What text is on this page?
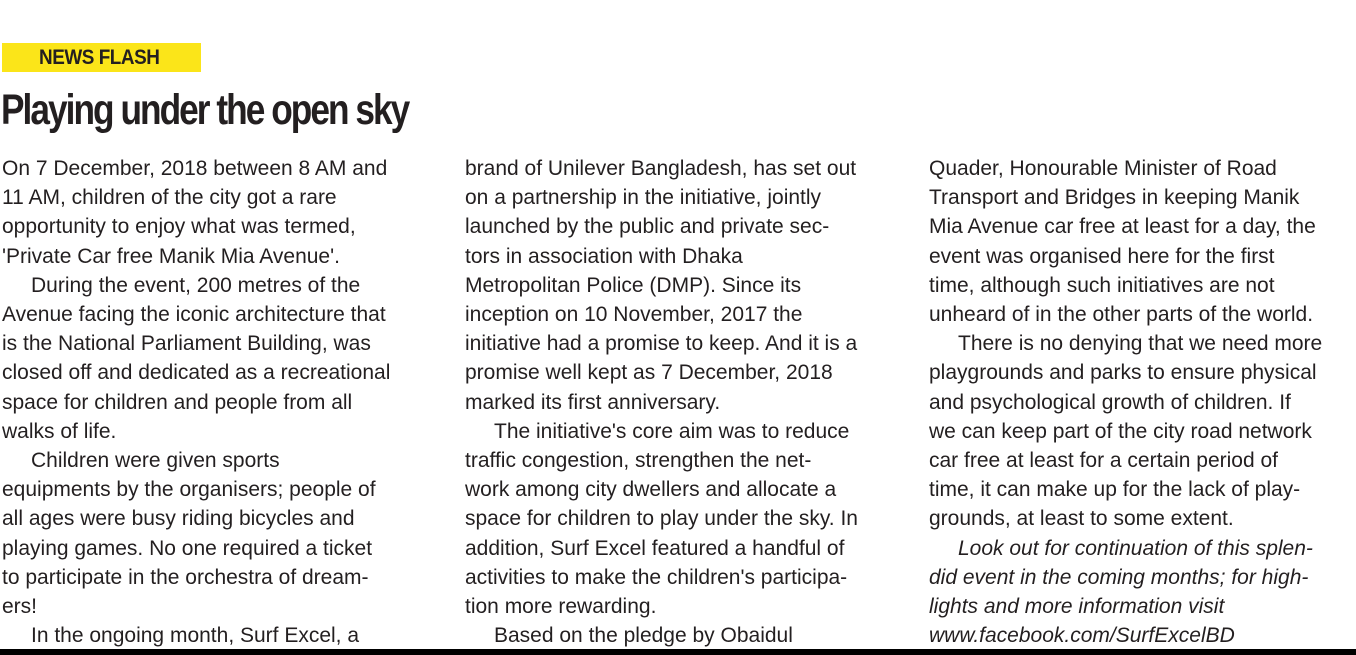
NEWS FLASH
Playing under the open sky

On 7 December, 2018 between 8 AM and

11 AM, children of the city got a rare

opportunity to enjoy what was termed,

'Private Car free Manik Mia Avenue'.

During the event, 200 metres of the

Avenue facing the iconic architecture that

is the National Parliament Building, was

closed off and dedicated as a recreational

space for children and people from all

walks of life.

Children were given sports

equipments by the organisers; people of

all ages were busy riding bicycles and

playing games. No one required a ticket

to participate in the orchestra of dream-

ers!

In the ongoing month, Surf Excel, a

brand of Unilever Bangladesh, has set out

on a partnership in the initiative, jointly

launched by the public and private sec-

tors in association with Dhaka

Metropolitan Police (DMP). Since its

inception on 10 November, 2017 the

initiative had a promise to keep. And it is a

promise well kept as 7 December, 2018

marked its first anniversary.

The initiative's core aim was to reduce

traffic congestion, strengthen the net-

work among city dwellers and allocate a

space for children to play under the sky. In

addition, Surf Excel featured a handful of

activities to make the children's participa-

tion more rewarding.

Based on the pledge by Obaidul

Quader, Honourable Minister of Road

Transport and Bridges in keeping Manik

Mia Avenue car free at least for a day, the

event was organised here for the first

time, although such initiatives are not

unheard of in the other parts of the world.

There is no denying that we need more

playgrounds and parks to ensure physical

and psychological growth of children. If

we can keep part of the city road network

car free at least for a certain period of

time, it can make up for the lack of play-

grounds, at least to some extent.

Look out for continuation of this splen-

did event in the coming months; for high-

lights and more information visit

www.facebook.com/SurfExcelBD
